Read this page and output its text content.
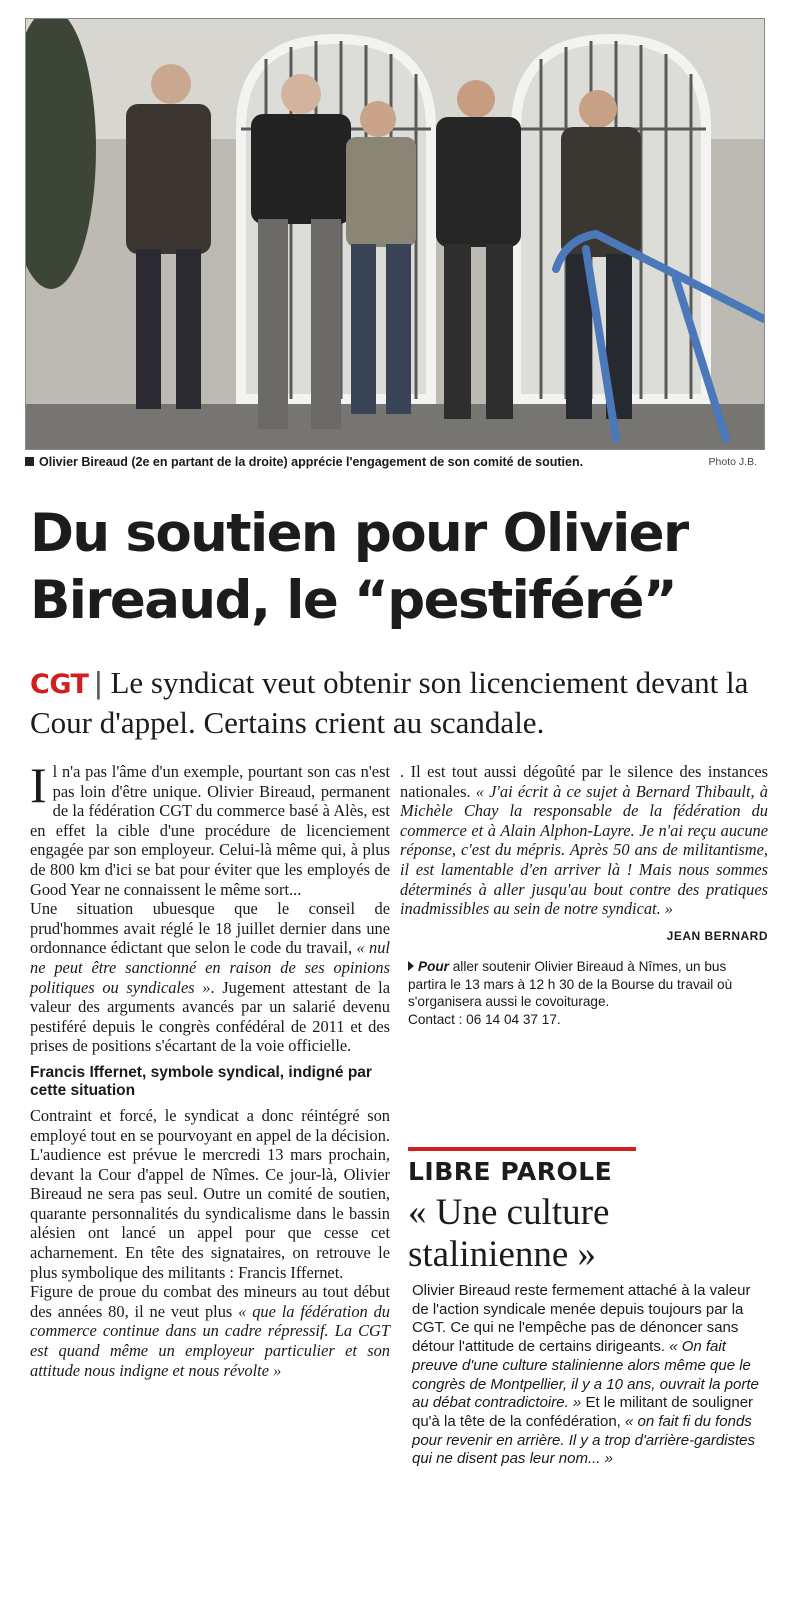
Olivier Bireaud (2e en partant de la droite) apprécie l'engagement de son comité de soutien.	Photo J.B.
Du soutien pour Olivier Bireaud, le “pestiféré”
CGT | Le syndicat veut obtenir son licenciement devant la Cour d'appel. Certains crient au scandale.

Il n'a pas l'âme d'un exemple, pourtant son cas n'est pas loin d'être unique. Olivier Bireaud, permanent de la fédération CGT du commerce basé à Alès, est en effet la cible d'une procédure de licenciement engagée par son employeur. Celui-là même qui, à plus de 800 km d'ici se bat pour éviter que les employés de Good Year ne connaissent le même sort...

Une situation ubuesque que le conseil de prud'hommes avait réglé le 18 juillet dernier dans une ordonnance édictant que selon le code du travail, « nul ne peut être sanctionné en raison de ses opinions politiques ou syndicales ». Jugement attestant de la valeur des arguments avancés par un salarié devenu pestiféré depuis le congrès confédéral de 2011 et des prises de positions s'écartant de la voie officielle.

Francis Iffernet, symbole syndical, indigné par cette situation

Contraint et forcé, le syndicat a donc réintégré son employé tout en se pourvoyant en appel de la décision. L'audience est prévue le mercredi 13 mars prochain, devant la Cour d'appel de Nîmes. Ce jour-là, Olivier Bireaud ne sera pas seul. Outre un comité de soutien, quarante personnalités du syndicalisme dans le bassin alésien ont lancé un appel pour que cesse cet acharnement. En tête des signataires, on retrouve le plus symbolique des militants : Francis Iffernet.

Figure de proue du combat des mineurs au tout début des années 80, il ne veut plus « que la fédération du commerce continue dans un cadre répressif. La CGT est quand même un employeur particulier et son attitude nous indigne et nous révolte »

. Il est tout aussi dégoûté par le silence des instances nationales. « J'ai écrit à ce sujet à Bernard Thibault, à Michèle Chay la responsable de la fédération du commerce et à Alain Alphon-Layre. Je n'ai reçu aucune réponse, c'est du mépris. Après 50 ans de militantisme, il est lamentable d'en arriver là ! Mais nous sommes déterminés à aller jusqu'au bout contre des pratiques inadmissibles au sein de notre syndicat. »

JEAN BERNARD

Pour aller soutenir Olivier Bireaud à Nîmes, un bus partira le 13 mars à 12 h 30 de la Bourse du travail où s'organisera aussi le covoiturage.
Contact : 06 14 04 37 17.

LIBRE PAROLE
« Une culture stalinienne »
Olivier Bireaud reste fermement attaché à la valeur de l'action syndicale menée depuis toujours par la CGT. Ce qui ne l'empêche pas de dénoncer sans détour l'attitude de certains dirigeants. « On fait preuve d'une culture stalinienne alors même que le congrès de Montpellier, il y a 10 ans, ouvrait la porte au débat contradictoire. » Et le militant de souligner qu'à la tête de la confédération, « on fait fi du fonds pour revenir en arrière. Il y a trop d'arrière-gardistes qui ne disent pas leur nom... »
